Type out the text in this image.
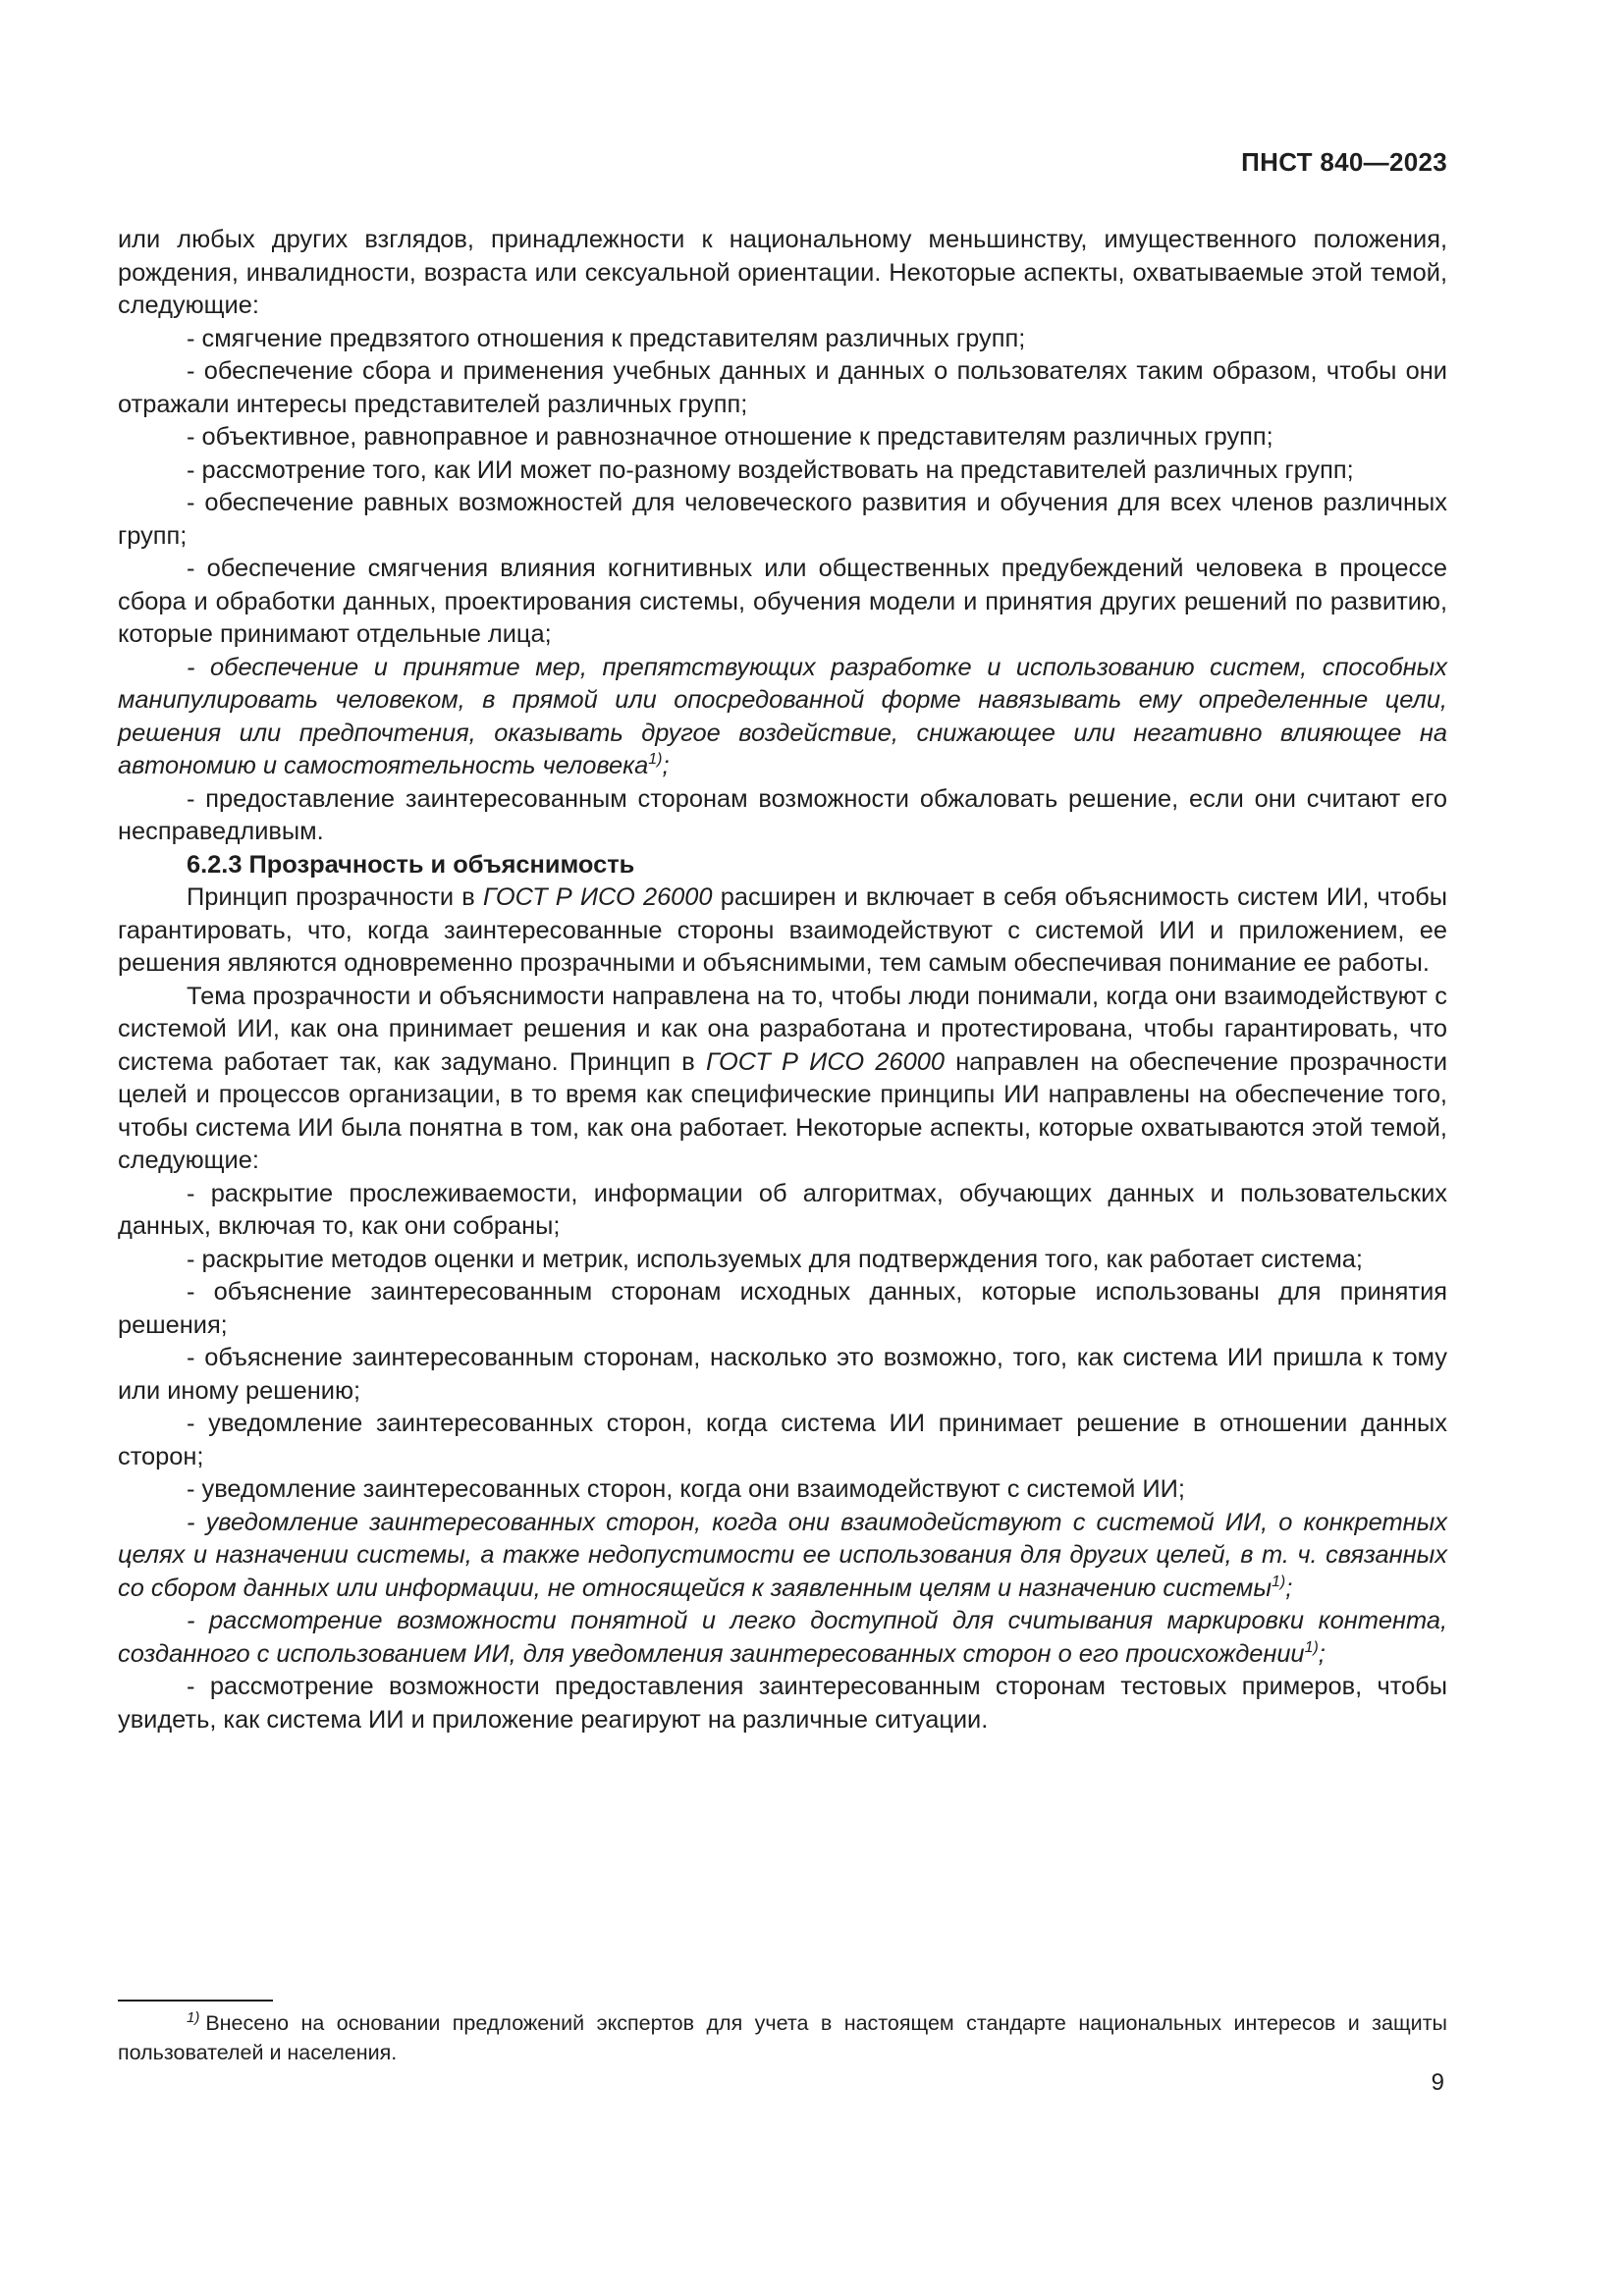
ПНСТ 840—2023

или любых других взглядов, принадлежности к национальному меньшинству, имущественного положения, рождения, инвалидности, возраста или сексуальной ориентации. Некоторые аспекты, охватываемые этой темой, следующие:

- смягчение предвзятого отношения к представителям различных групп;

- обеспечение сбора и применения учебных данных и данных о пользователях таким образом, чтобы они отражали интересы представителей различных групп;

- объективное, равноправное и равнозначное отношение к представителям различных групп;

- рассмотрение того, как ИИ может по-разному воздействовать на представителей различных групп;

- обеспечение равных возможностей для человеческого развития и обучения для всех членов различных групп;

- обеспечение смягчения влияния когнитивных или общественных предубеждений человека в процессе сбора и обработки данных, проектирования системы, обучения модели и принятия других решений по развитию, которые принимают отдельные лица;

- обеспечение и принятие мер, препятствующих разработке и использованию систем, способных манипулировать человеком, в прямой или опосредованной форме навязывать ему определенные цели, решения или предпочтения, оказывать другое воздействие, снижающее или негативно влияющее на автономию и самостоятельность человека$^{1)}$;

- предоставление заинтересованным сторонам возможности обжаловать решение, если они считают его несправедливым.

6.2.3 Прозрачность и объяснимость

Принцип прозрачности в ГОСТ Р ИСО 26000 расширен и включает в себя объяснимость систем ИИ, чтобы гарантировать, что, когда заинтересованные стороны взаимодействуют с системой ИИ и приложением, ее решения являются одновременно прозрачными и объяснимыми, тем самым обеспечивая понимание ее работы.

Тема прозрачности и объяснимости направлена на то, чтобы люди понимали, когда они взаимодействуют с системой ИИ, как она принимает решения и как она разработана и протестирована, чтобы гарантировать, что система работает так, как задумано. Принцип в ГОСТ Р ИСО 26000 направлен на обеспечение прозрачности целей и процессов организации, в то время как специфические принципы ИИ направлены на обеспечение того, чтобы система ИИ была понятна в том, как она работает. Некоторые аспекты, которые охватываются этой темой, следующие:

- раскрытие прослеживаемости, информации об алгоритмах, обучающих данных и пользовательских данных, включая то, как они собраны;

- раскрытие методов оценки и метрик, используемых для подтверждения того, как работает система;

- объяснение заинтересованным сторонам исходных данных, которые использованы для принятия решения;

- объяснение заинтересованным сторонам, насколько это возможно, того, как система ИИ пришла к тому или иному решению;

- уведомление заинтересованных сторон, когда система ИИ принимает решение в отношении данных сторон;

- уведомление заинтересованных сторон, когда они взаимодействуют с системой ИИ;

- уведомление заинтересованных сторон, когда они взаимодействуют с системой ИИ, о конкретных целях и назначении системы, а также недопустимости ее использования для других целей, в т. ч. связанных со сбором данных или информации, не относящейся к заявленным целям и назначению системы$^{1)}$;

- рассмотрение возможности понятной и легко доступной для считывания маркировки контента, созданного с использованием ИИ, для уведомления заинтересованных сторон о его происхождении$^{1)}$;

- рассмотрение возможности предоставления заинтересованным сторонам тестовых примеров, чтобы увидеть, как система ИИ и приложение реагируют на различные ситуации.

$^{1)}$ Внесено на основании предложений экспертов для учета в настоящем стандарте национальных интересов и защиты пользователей и населения.
9
